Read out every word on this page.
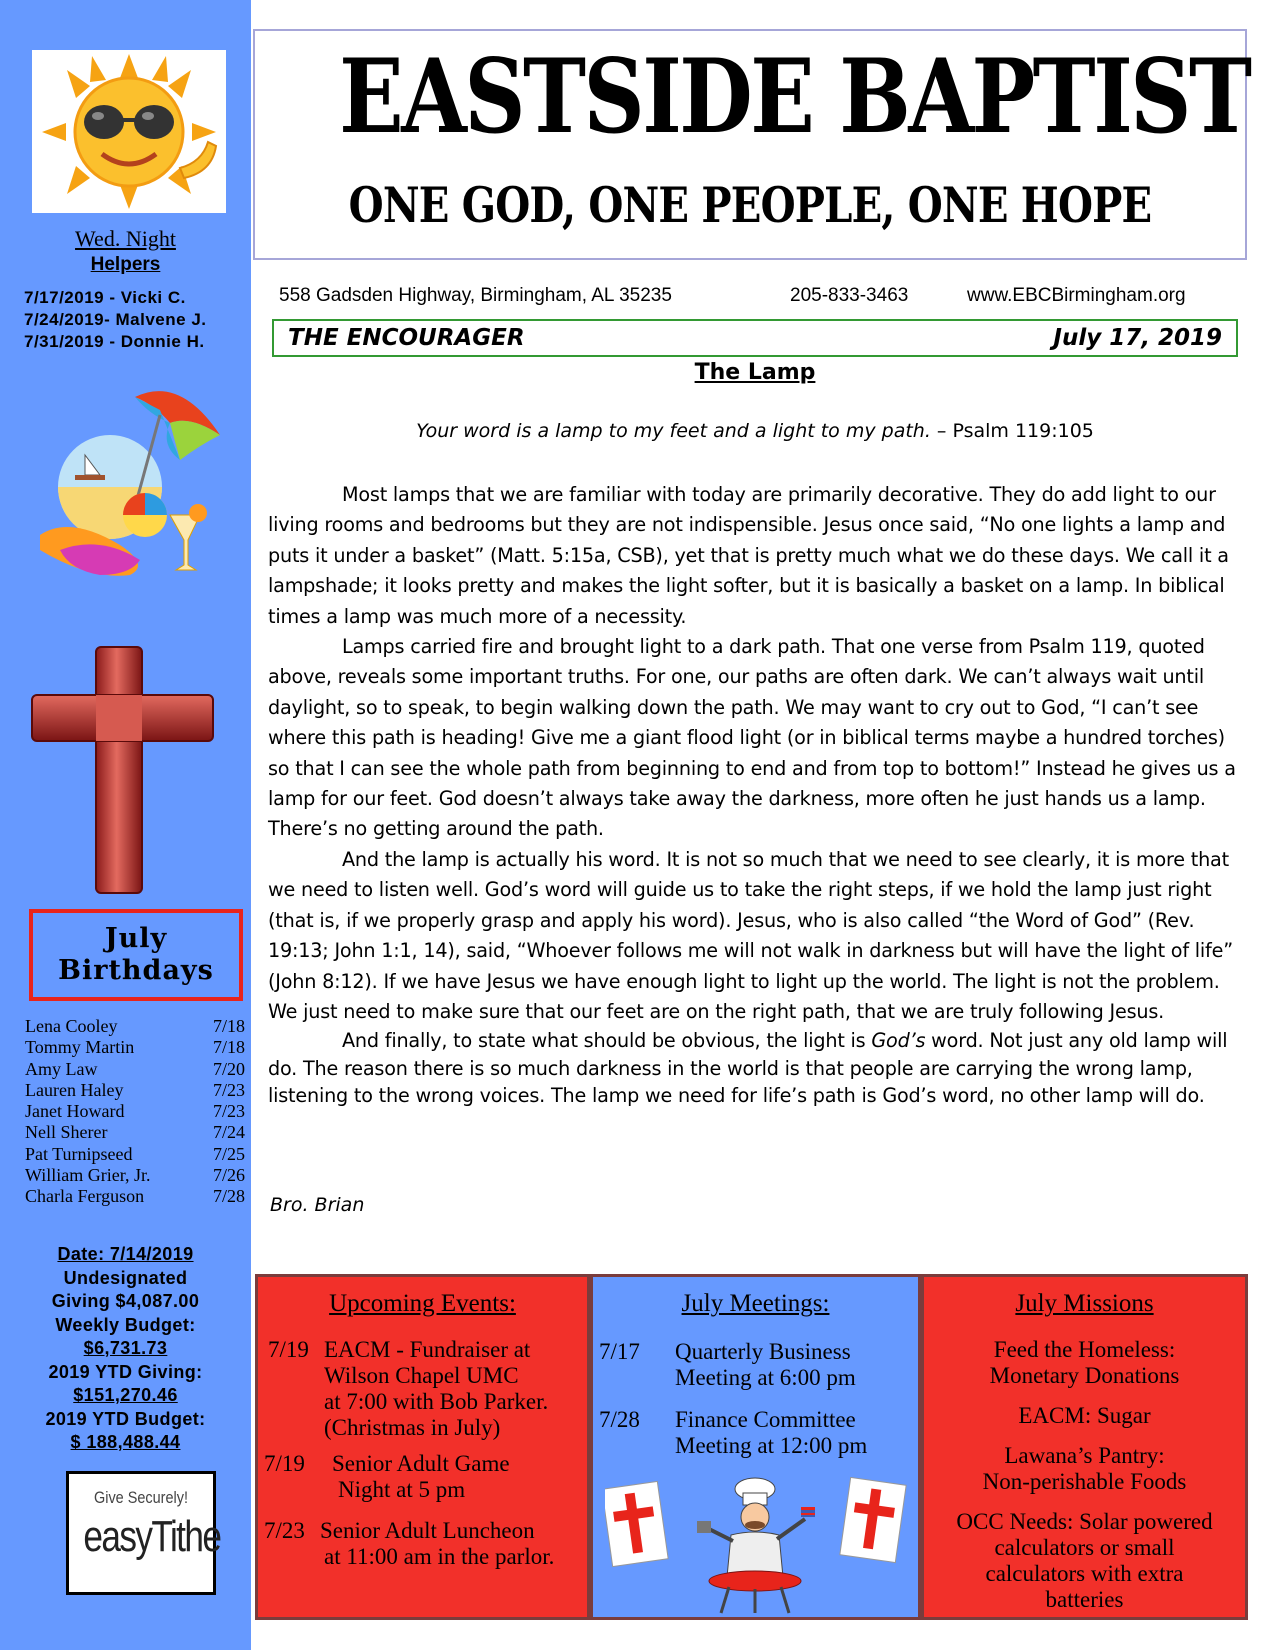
Wed. Night
Helpers
7/17/2019 - Vicki C.
7/24/2019- Malvene J.
7/31/2019 - Donnie H.
July
Birthdays
Lena Cooley	7/18
Tommy Martin	7/18
Amy Law	7/20
Lauren Haley	7/23
Janet Howard	7/23
Nell Sherer	7/24
Pat Turnipseed	7/25
William Grier, Jr.	7/26
Charla Ferguson	7/28
Date: 7/14/2019
Undesignated
Giving $4,087.00
Weekly Budget:
$6,731.73
2019 YTD Giving:
$151,270.46
2019 YTD Budget:
$ 188,488.44
Give Securely!
easyTithe
EASTSIDE BAPTIST
ONE GOD, ONE PEOPLE, ONE HOPE
558 Gadsden Highway, Birmingham, AL 35235	205-833-3463	www.EBCBirmingham.org
THE ENCOURAGER	July 17, 2019
The Lamp
Your word is a lamp to my feet and a light to my path. – Psalm 119:105

Most lamps that we are familiar with today are primarily decorative. They do add light to our living rooms and bedrooms but they are not indispensible. Jesus once said, “No one lights a lamp and puts it under a basket” (Matt. 5:15a, CSB), yet that is pretty much what we do these days. We call it a lampshade; it looks pretty and makes the light softer, but it is basically a basket on a lamp. In biblical times a lamp was much more of a necessity.

Lamps carried fire and brought light to a dark path. That one verse from Psalm 119, quoted above, reveals some important truths. For one, our paths are often dark. We can’t always wait until daylight, so to speak, to begin walking down the path. We may want to cry out to God, “I can’t see where this path is heading! Give me a giant flood light (or in biblical terms maybe a hundred torches) so that I can see the whole path from beginning to end and from top to bottom!” Instead he gives us a lamp for our feet. God doesn’t always take away the darkness, more often he just hands us a lamp. There’s no getting around the path.

And the lamp is actually his word. It is not so much that we need to see clearly, it is more that we need to listen well. God’s word will guide us to take the right steps, if we hold the lamp just right (that is, if we properly grasp and apply his word). Jesus, who is also called “the Word of God” (Rev. 19:13; John 1:1, 14), said, “Whoever follows me will not walk in darkness but will have the light of life” (John 8:12). If we have Jesus we have enough light to light up the world. The light is not the problem. We just need to make sure that our feet are on the right path, that we are truly following Jesus.

And finally, to state what should be obvious, the light is God’s word. Not just any old lamp will do. The reason there is so much darkness in the world is that people are carrying the wrong lamp, listening to the wrong voices. The lamp we need for life’s path is God’s word, no other lamp will do.

Bro. Brian
Upcoming Events:
7/19 EACM - Fundraiser at
Wilson Chapel UMC
at 7:00 with Bob Parker.
(Christmas in July)
7/19 Senior Adult Game
Night at 5 pm
7/23 Senior Adult Luncheon
at 11:00 am in the parlor.
July Meetings:
7/17 Quarterly Business
Meeting at 6:00 pm
7/28 Finance Committee
Meeting at 12:00 pm
July Missions
Feed the Homeless:
Monetary Donations
EACM: Sugar
Lawana’s Pantry:
Non-perishable Foods
OCC Needs: Solar powered
calculators or small
calculators with extra
batteries
